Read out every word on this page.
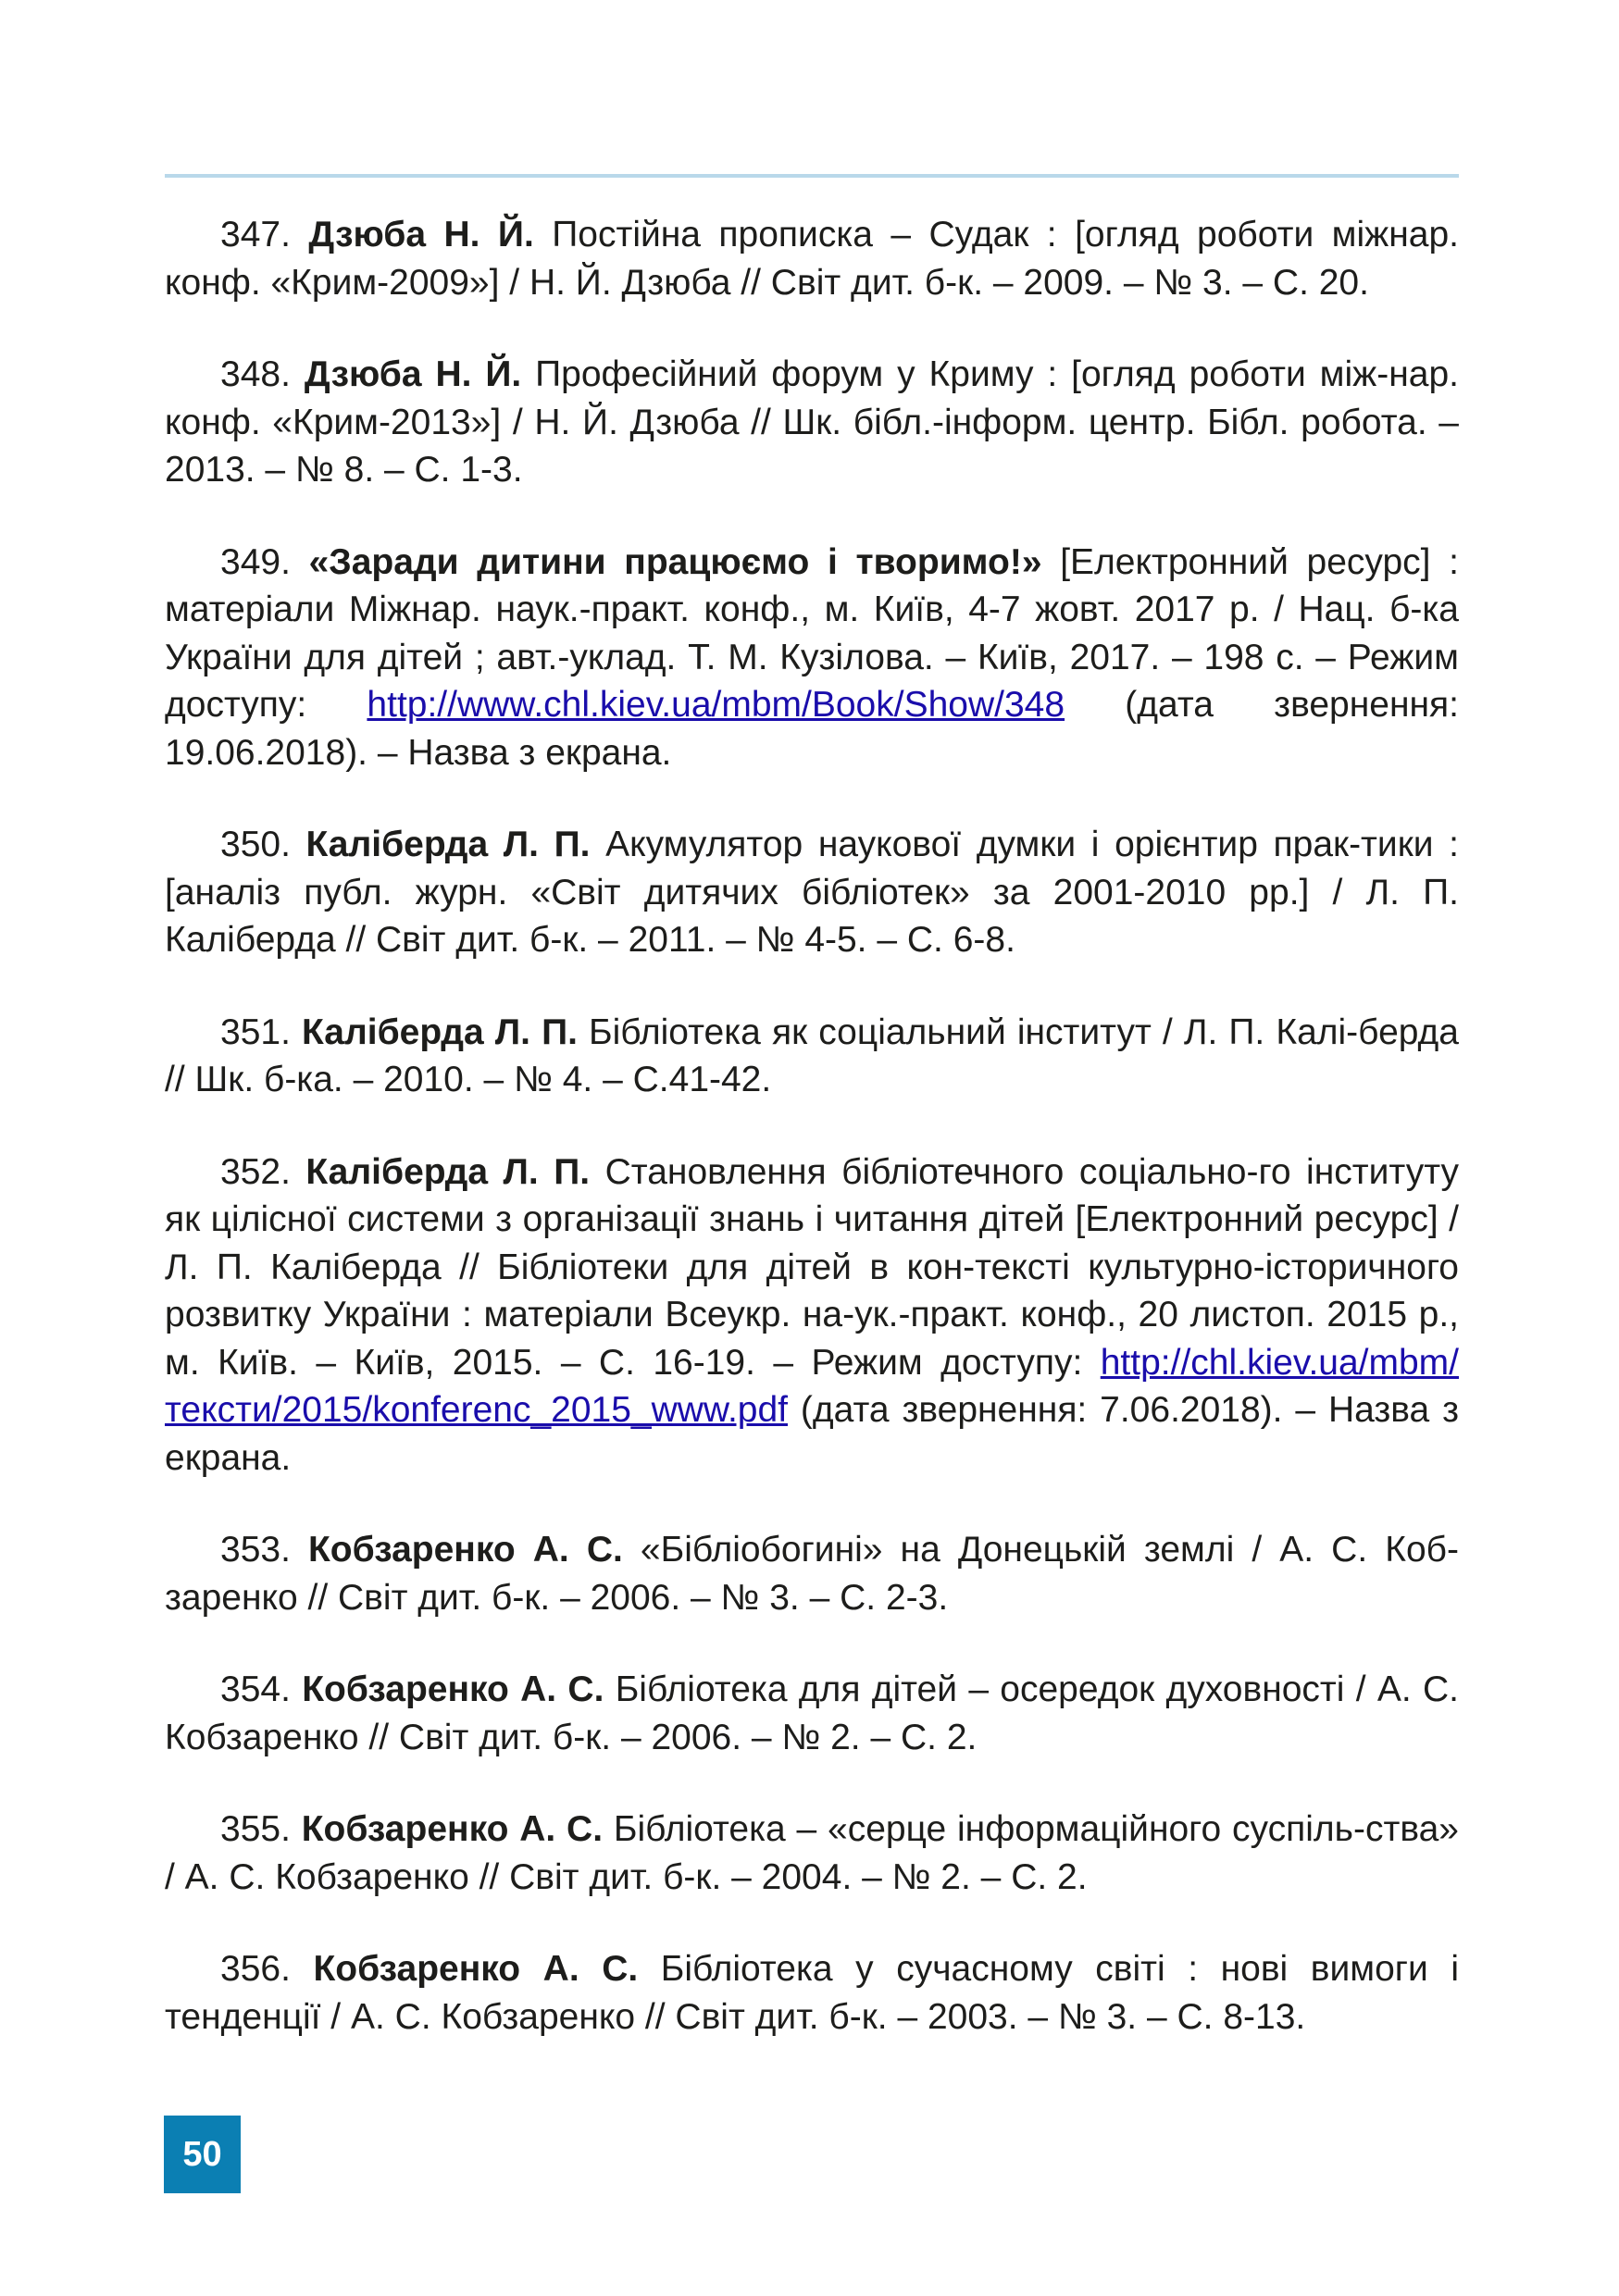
347. Дзюба Н. Й. Постійна прописка – Судак : [огляд роботи міжнар. конф. «Крим-2009»] / Н. Й. Дзюба // Світ дит. б-к. – 2009. – № 3. – С. 20.

348. Дзюба Н. Й. Професійний форум у Криму : [огляд роботи між-нар. конф. «Крим-2013»] / Н. Й. Дзюба // Шк. бібл.-інформ. центр. Бібл. робота. – 2013. – № 8. – С. 1-3.

349. «Заради дитини працюємо і творимо!» [Електронний ресурс] : матеріали Міжнар. наук.-практ. конф., м. Київ, 4-7 жовт. 2017 р. / Нац. б-ка України для дітей ; авт.-уклад. Т. М. Кузілова. – Київ, 2017. – 198 с. – Режим доступу: http://www.chl.kiev.ua/mbm/Book/Show/348 (дата звернення: 19.06.2018). – Назва з екрана.

350. Каліберда Л. П. Акумулятор наукової думки і орієнтир прак-тики : [аналіз публ. журн. «Світ дитячих бібліотек» за 2001-2010 рр.] / Л. П. Каліберда // Світ дит. б-к. – 2011. – № 4-5. – С. 6-8.

351. Каліберда Л. П. Бібліотека як соціальний інститут / Л. П. Калі-берда // Шк. б-ка. – 2010. – № 4. – С.41-42.

352. Каліберда Л. П. Становлення бібліотечного соціально-го інституту як цілісної системи з організації знань і читання дітей [Електронний ресурс] / Л. П. Каліберда // Бібліотеки для дітей в кон-тексті культурно-історичного розвитку України : матеріали Всеукр. на-ук.-практ. конф., 20 листоп. 2015 р., м. Київ. – Київ, 2015. – С. 16-19. – Режим доступу: http://chl.kiev.ua/mbm/тексти/2015/konferenc_2015_www.pdf (дата звернення: 7.06.2018). – Назва з екрана.

353. Кобзаренко А. С. «Бібліобогині» на Донецькій землі / А. С. Коб-заренко // Світ дит. б-к. – 2006. – № 3. – С. 2-3.

354. Кобзаренко А. С. Бібліотека для дітей – осередок духовності / А. С. Кобзаренко // Світ дит. б-к. – 2006. – № 2. – С. 2.

355. Кобзаренко А. С. Бібліотека – «серце інформаційного суспіль-ства» / А. С. Кобзаренко // Світ дит. б-к. – 2004. – № 2. – С. 2.

356. Кобзаренко А. С. Бібліотека у сучасному світі : нові вимоги і тенденції / А. С. Кобзаренко // Світ дит. б-к. – 2003. – № 3. – С. 8-13.

50
